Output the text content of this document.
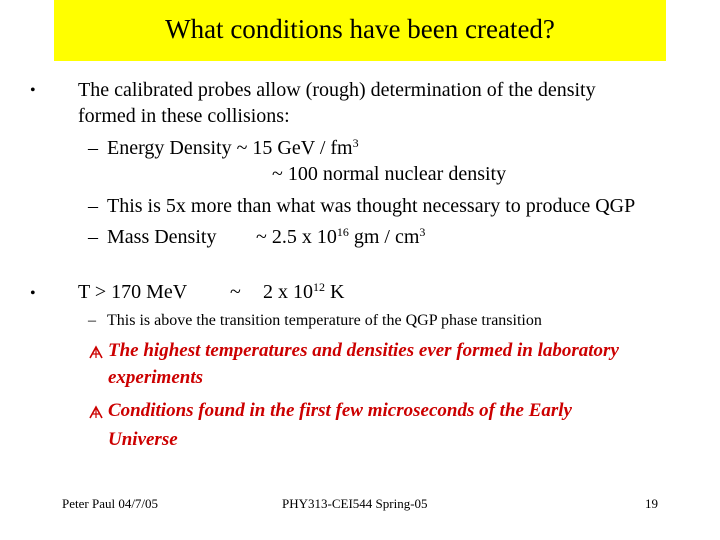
What conditions have been created?
• The calibrated probes allow (rough) determination of the density
formed in these collisions:
– Energy Density ~ 15 GeV / $fm^3$
~ 100 normal nuclear density
– This is 5x more than what was thought necessary to produce QGP
– Mass Density ~ 2.5 x $10^{16}$ gm / $cm^3$
• T > 170 MeV ~ 2 x $10^{12}$ K
– This is above the transition temperature of the QGP phase transition
The highest temperatures and densities ever formed in laboratory
experiments
Conditions found in the first few microseconds of the Early
Universe
Peter Paul 04/7/05	PHY313-CEI544 Spring-05	19
